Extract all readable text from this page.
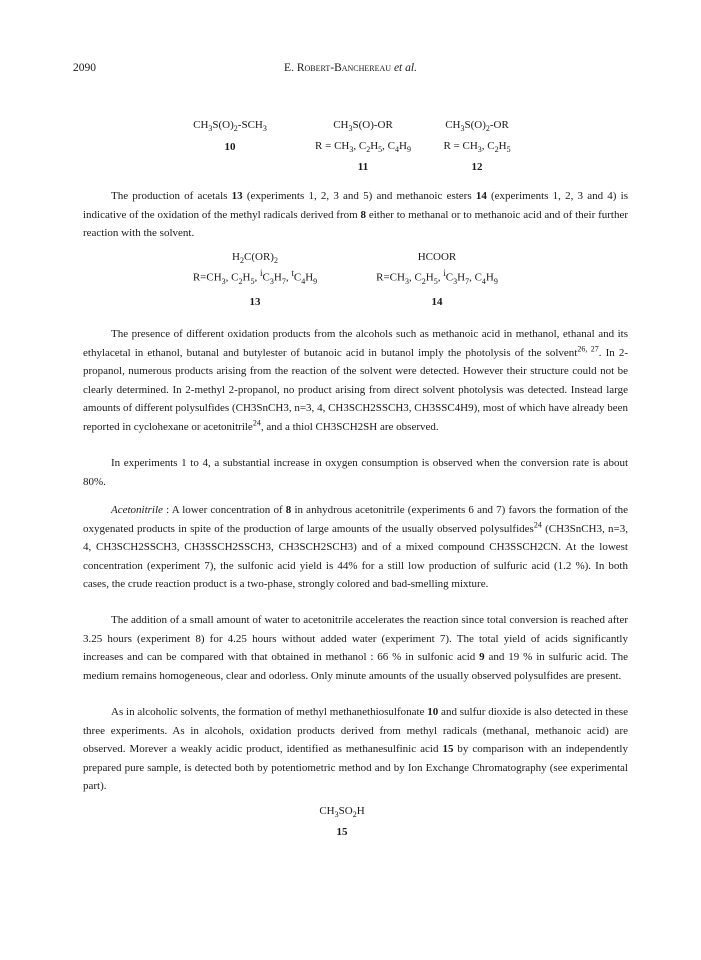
2090	E. Robert-Banchereau et al.
$CH_3S(O)_2-SCH_3$
10
$CH_3S(O)-OR$
$R = CH_3$, $C_2H_5$, $C_4H_9$
11
$CH_3S(O)_2-OR$
$R = CH_3$, $C_2H_5$
12
The production of acetals 13 (experiments 1, 2, 3 and 5) and methanoic esters 14 (experiments 1, 2, 3 and 4) is indicative of the oxidation of the methyl radicals derived from 8 either to methanal or to methanoic acid and of their further reaction with the solvent.
$H_2C(OR)_2$
$R=CH_3$, $C_2H_5$, $^iC_3H_7$, $^tC_4H_9$
13
HCOOR
$R=CH_3$, $C_2H_5$, $^iC_3H_7$, $C_4H_9$
14
The presence of different oxidation products from the alcohols such as methanoic acid in methanol, ethanal and its ethylacetal in ethanol, butanal and butylester of butanoic acid in butanol imply the photolysis of the solvent$^{26, 27}$. In 2-propanol, numerous products arising from the reaction of the solvent were detected. However their structure could not be clearly determined. In 2-methyl 2-propanol, no product arising from direct solvent photolysis was detected. Instead large amounts of different polysulfides (CH3SnCH3, n=3, 4, CH3SCH2SSCH3, CH3SSC4H9), most of which have already been reported in cyclohexane or acetonitrile$^{24}$, and a thiol CH3SCH2SH are observed.
In experiments 1 to 4, a substantial increase in oxygen consumption is observed when the conversion rate is about 80%.
Acetonitrile : A lower concentration of 8 in anhydrous acetonitrile (experiments 6 and 7) favors the formation of the oxygenated products in spite of the production of large amounts of the usually observed polysulfides$^{24}$ (CH3SnCH3, n=3, 4, CH3SCH2SSCH3, CH3SSCH2SSCH3, CH3SCH2SCH3) and of a mixed compound CH3SSCH2CN. At the lowest concentration (experiment 7), the sulfonic acid yield is 44% for a still low production of sulfuric acid (1.2 %). In both cases, the crude reaction product is a two-phase, strongly colored and bad-smelling mixture.
The addition of a small amount of water to acetonitrile accelerates the reaction since total conversion is reached after 3.25 hours (experiment 8) for 4.25 hours without added water (experiment 7). The total yield of acids significantly increases and can be compared with that obtained in methanol : 66 % in sulfonic acid 9 and 19 % in sulfuric acid. The medium remains homogeneous, clear and odorless. Only minute amounts of the usually observed polysulfides are present.
As in alcoholic solvents, the formation of methyl methanethiosulfonate 10 and sulfur dioxide is also detected in these three experiments. As in alcohols, oxidation products derived from methyl radicals (methanal, methanoic acid) are observed. Morever a weakly acidic product, identified as methanesulfinic acid 15 by comparison with an independently prepared pure sample, is detected both by potentiometric method and by Ion Exchange Chromatography (see experimental part).
$CH_3SO_2H$
15
